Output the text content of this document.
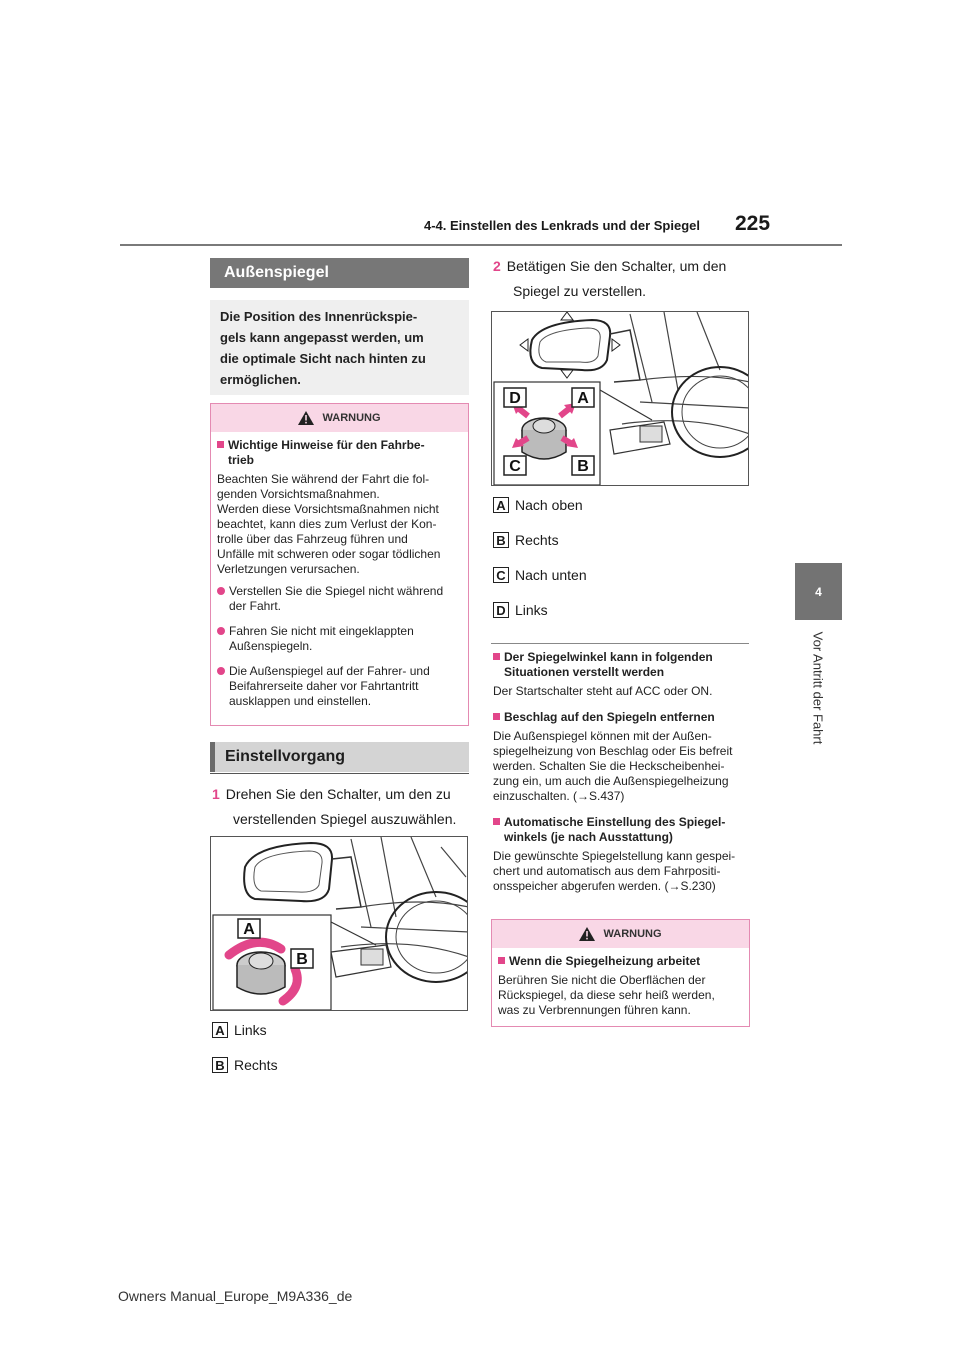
4-4. Einstellen des Lenkrads und der Spiegel 225
4
Vor Antritt der Fahrt
Außenspiegel
Die Position des Innenrückspie-
gels kann angepasst werden, um
die optimale Sicht nach hinten zu
ermöglichen.
WARNUNG
Wichtige Hinweise für den Fahrbe-
trieb
Beachten Sie während der Fahrt die fol-
genden Vorsichtsmaßnahmen.
Werden diese Vorsichtsmaßnahmen nicht
beachtet, kann dies zum Verlust der Kon-
trolle über das Fahrzeug führen und
Unfälle mit schweren oder sogar tödlichen
Verletzungen verursachen.
Verstellen Sie die Spiegel nicht während
der Fahrt.
Fahren Sie nicht mit eingeklappten
Außenspiegeln.
Die Außenspiegel auf der Fahrer- und
Beifahrerseite daher vor Fahrtantritt
ausklappen und einstellen.
Einstellvorgang
1 Drehen Sie den Schalter, um den zu
verstellenden Spiegel auszuwählen.
A
B
A Links
B Rechts
2 Betätigen Sie den Schalter, um den
Spiegel zu verstellen.
D	A
C	B
A Nach oben
B Rechts
C Nach unten
D Links
Der Spiegelwinkel kann in folgenden
Situationen verstellt werden
Der Startschalter steht auf ACC oder ON.
Beschlag auf den Spiegeln entfernen
Die Außenspiegel können mit der Außen-
spiegelheizung von Beschlag oder Eis befreit
werden. Schalten Sie die Heckscheibenhei-
zung ein, um auch die Außenspiegelheizung
einzuschalten. (→S.437)
Automatische Einstellung des Spiegel-
winkels (je nach Ausstattung)
Die gewünschte Spiegelstellung kann gespei-
chert und automatisch aus dem Fahrpositi-
onsspeicher abgerufen werden. (→S.230)
WARNUNG
Wenn die Spiegelheizung arbeitet
Berühren Sie nicht die Oberflächen der
Rückspiegel, da diese sehr heiß werden,
was zu Verbrennungen führen kann.
Owners Manual_Europe_M9A336_de
